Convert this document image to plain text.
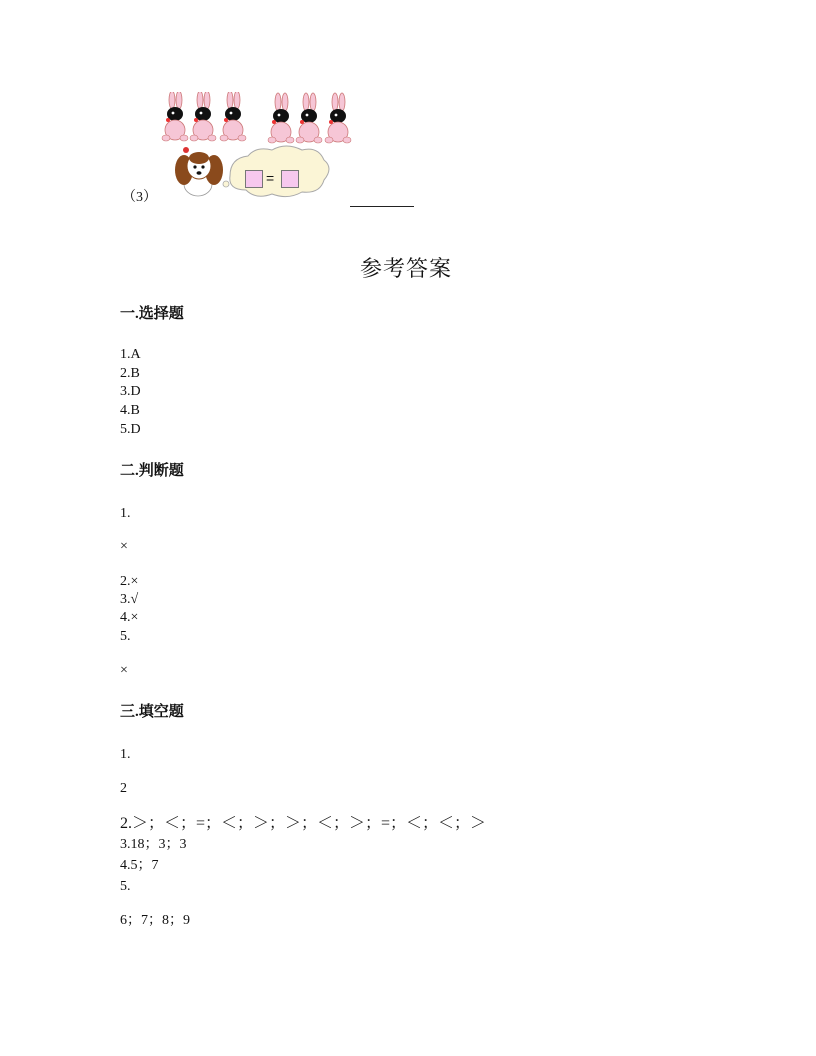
=
（3）
参考答案
一.选择题
1.A
2.B
3.D
4.B
5.D
二.判断题
1.
×
2.×
3.√
4.×
5.
×
三.填空题
1.
2
2.＞；＜；=；＜；＞；＞；＜；＞；=；＜；＜；＞
3.18；3；3
4.5；7
5.
6；7；8；9
